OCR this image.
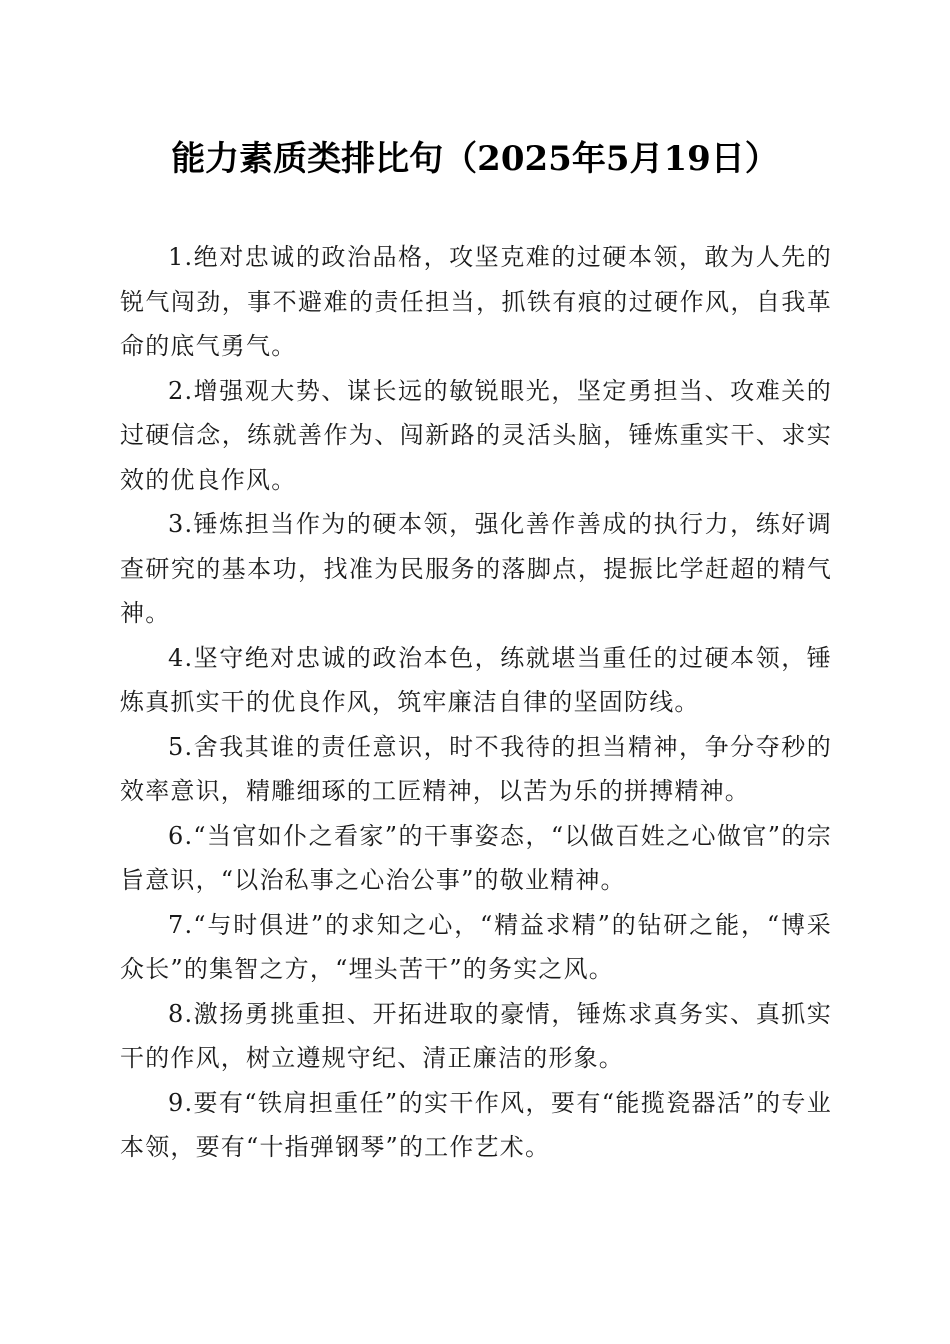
能力素质类排比句（2025年5月19日）

1.绝对忠诚的政治品格，攻坚克难的过硬本领，敢为人先的锐气闯劲，事不避难的责任担当，抓铁有痕的过硬作风，自我革命的底气勇气。

2.增强观大势、谋长远的敏锐眼光，坚定勇担当、攻难关的过硬信念，练就善作为、闯新路的灵活头脑，锤炼重实干、求实效的优良作风。

3.锤炼担当作为的硬本领，强化善作善成的执行力，练好调查研究的基本功，找准为民服务的落脚点，提振比学赶超的精气神。

4.坚守绝对忠诚的政治本色，练就堪当重任的过硬本领，锤炼真抓实干的优良作风，筑牢廉洁自律的坚固防线。

5.舍我其谁的责任意识，时不我待的担当精神，争分夺秒的效率意识，精雕细琢的工匠精神，以苦为乐的拼搏精神。

6.“当官如仆之看家”的干事姿态，“以做百姓之心做官”的宗旨意识，“以治私事之心治公事”的敬业精神。

7.“与时俱进”的求知之心，“精益求精”的钻研之能，“博采众长”的集智之方，“埋头苦干”的务实之风。

8.激扬勇挑重担、开拓进取的豪情，锤炼求真务实、真抓实干的作风，树立遵规守纪、清正廉洁的形象。

9.要有“铁肩担重任”的实干作风，要有“能揽瓷器活”的专业本领，要有“十指弹钢琴”的工作艺术。
